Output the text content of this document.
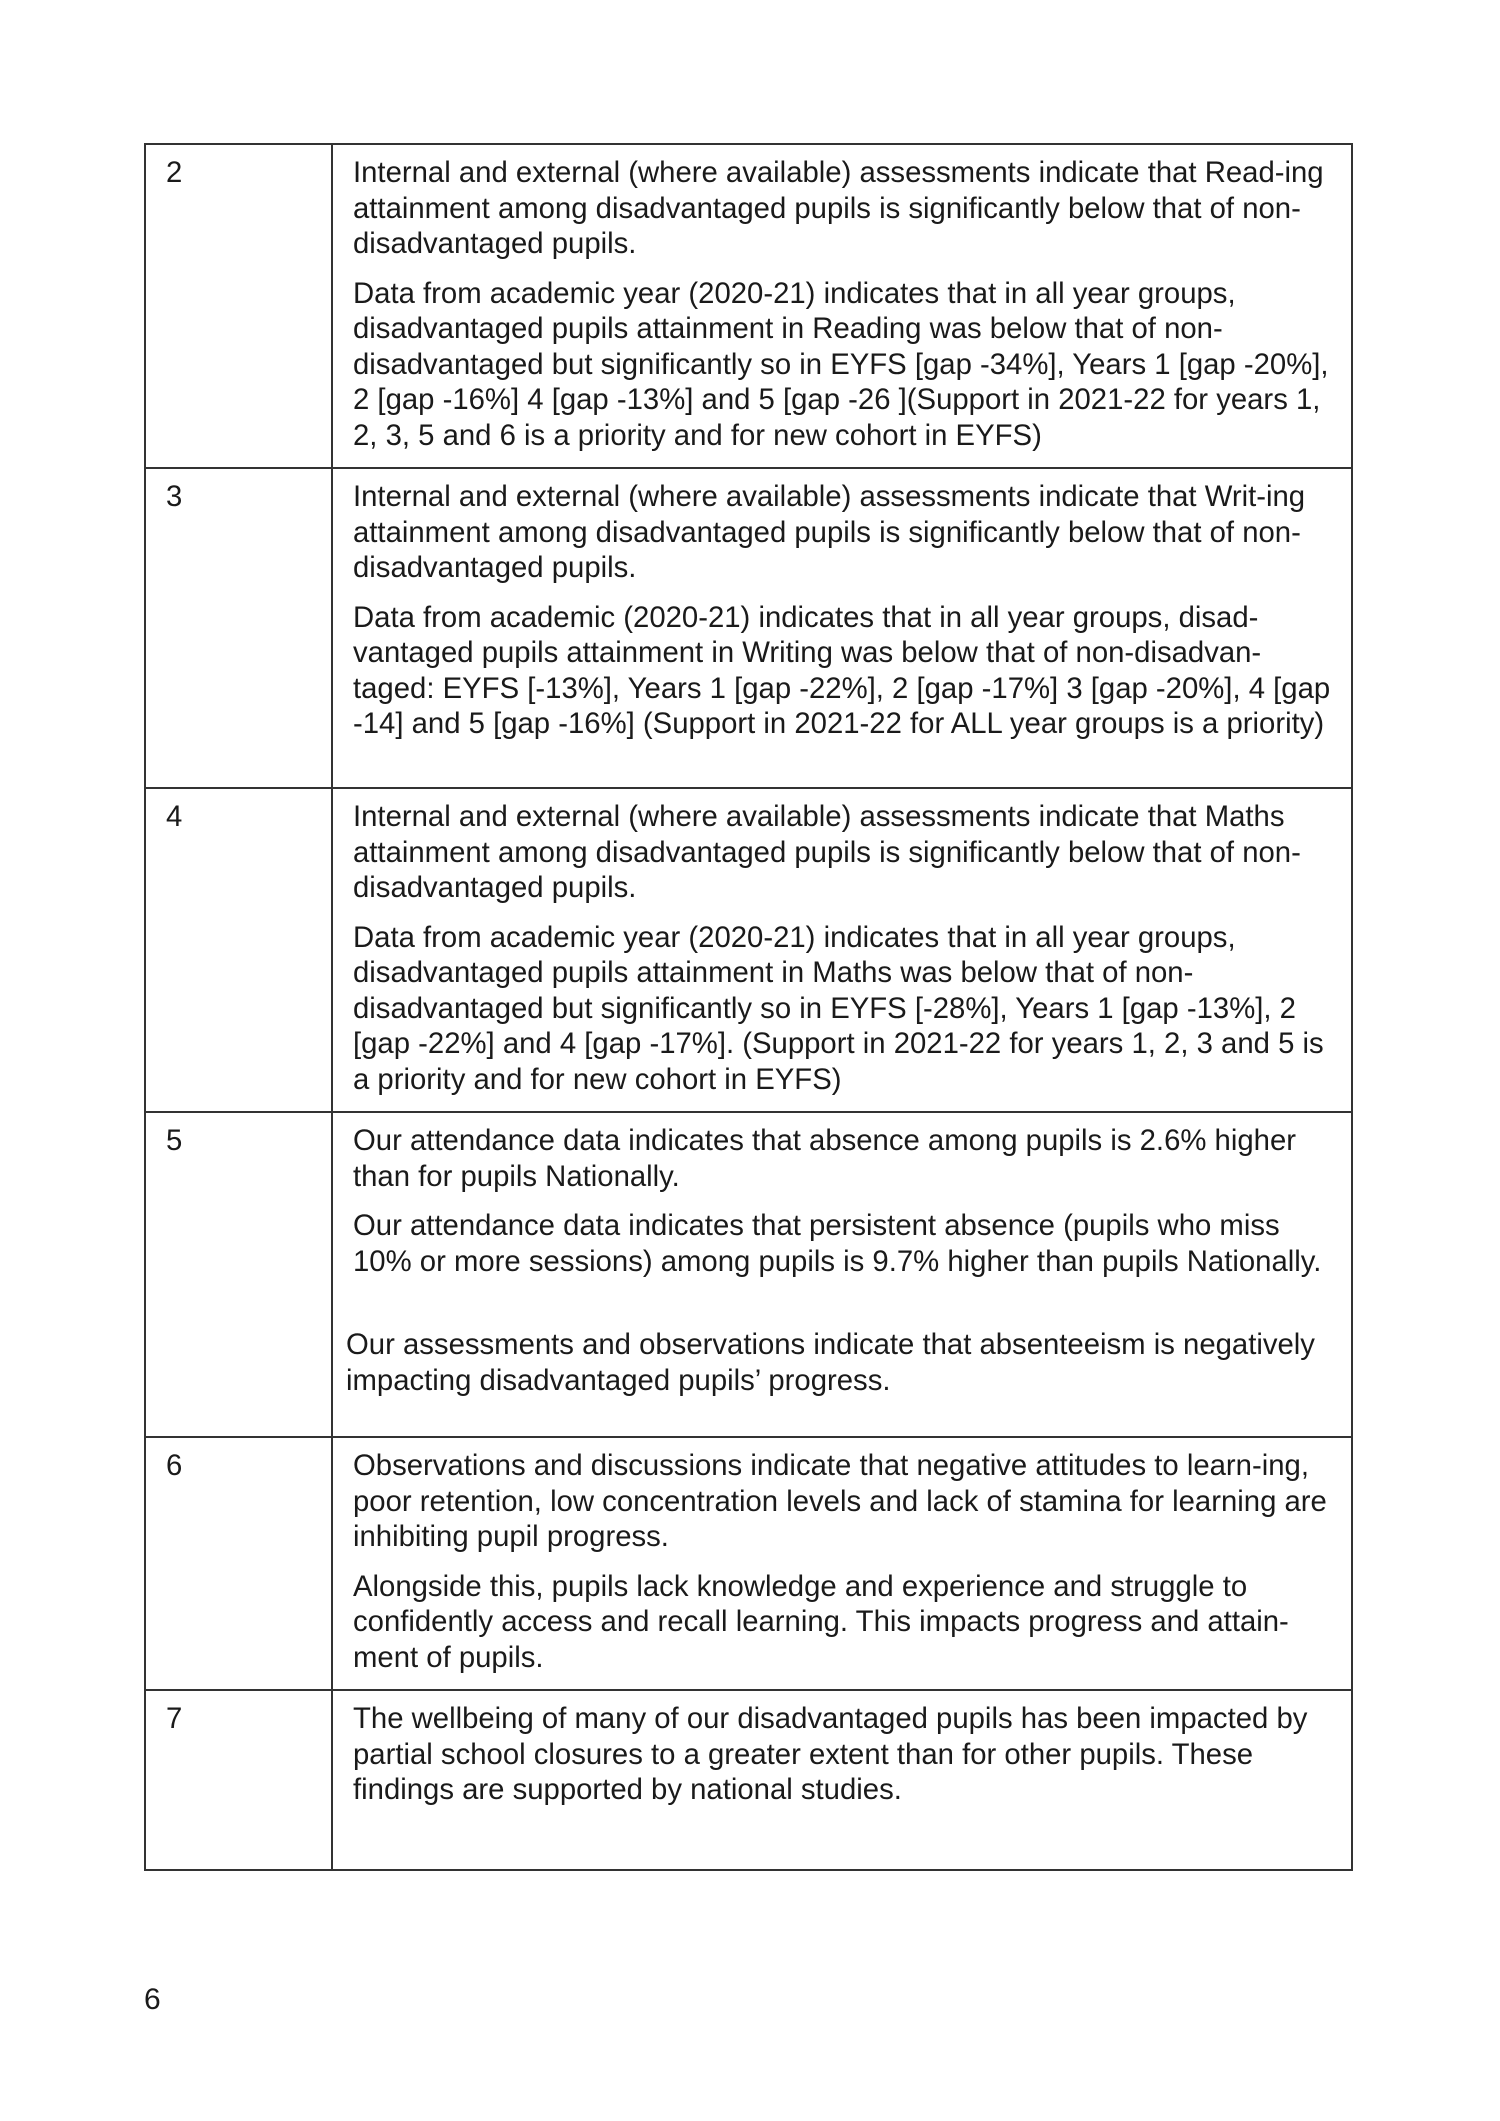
2	Internal and external (where available) assessments indicate that Read-ing attainment among disadvantaged pupils is significantly below that of non-disadvantaged pupils.

Data from academic year (2020-21) indicates that in all year groups, disadvantaged pupils attainment in Reading was below that of non-disadvantaged but significantly so in EYFS [gap -34%], Years 1 [gap -20%], 2 [gap -16%] 4 [gap -13%] and 5 [gap -26 ](Support in 2021-22 for years 1, 2, 3, 5 and 6 is a priority and for new cohort in EYFS)

3	Internal and external (where available) assessments indicate that Writ-ing attainment among disadvantaged pupils is significantly below that of non-disadvantaged pupils.

Data from academic (2020-21) indicates that in all year groups, disad-vantaged pupils attainment in Writing was below that of non-disadvan-taged: EYFS [-13%], Years 1 [gap -22%], 2 [gap -17%] 3 [gap -20%], 4 [gap -14] and 5 [gap -16%] (Support in 2021-22 for ALL year groups is a priority)

4	Internal and external (where available) assessments indicate that Maths attainment among disadvantaged pupils is significantly below that of non-disadvantaged pupils.

Data from academic year (2020-21) indicates that in all year groups, disadvantaged pupils attainment in Maths was below that of non-disadvantaged but significantly so in EYFS [-28%], Years 1 [gap -13%], 2 [gap -22%] and 4 [gap -17%]. (Support in 2021-22 for years 1, 2, 3 and 5 is a priority and for new cohort in EYFS)

5	Our attendance data indicates that absence among pupils is 2.6% higher than for pupils Nationally.

Our attendance data indicates that persistent absence (pupils who miss 10% or more sessions) among pupils is 9.7% higher than pupils Nationally.

Our assessments and observations indicate that absenteeism is negatively impacting disadvantaged pupils’ progress.

6	Observations and discussions indicate that negative attitudes to learn-ing, poor retention, low concentration levels and lack of stamina for learning are inhibiting pupil progress.

Alongside this, pupils lack knowledge and experience and struggle to confidently access and recall learning. This impacts progress and attain-ment of pupils.

7	The wellbeing of many of our disadvantaged pupils has been impacted by partial school closures to a greater extent than for other pupils. These findings are supported by national studies.

6
